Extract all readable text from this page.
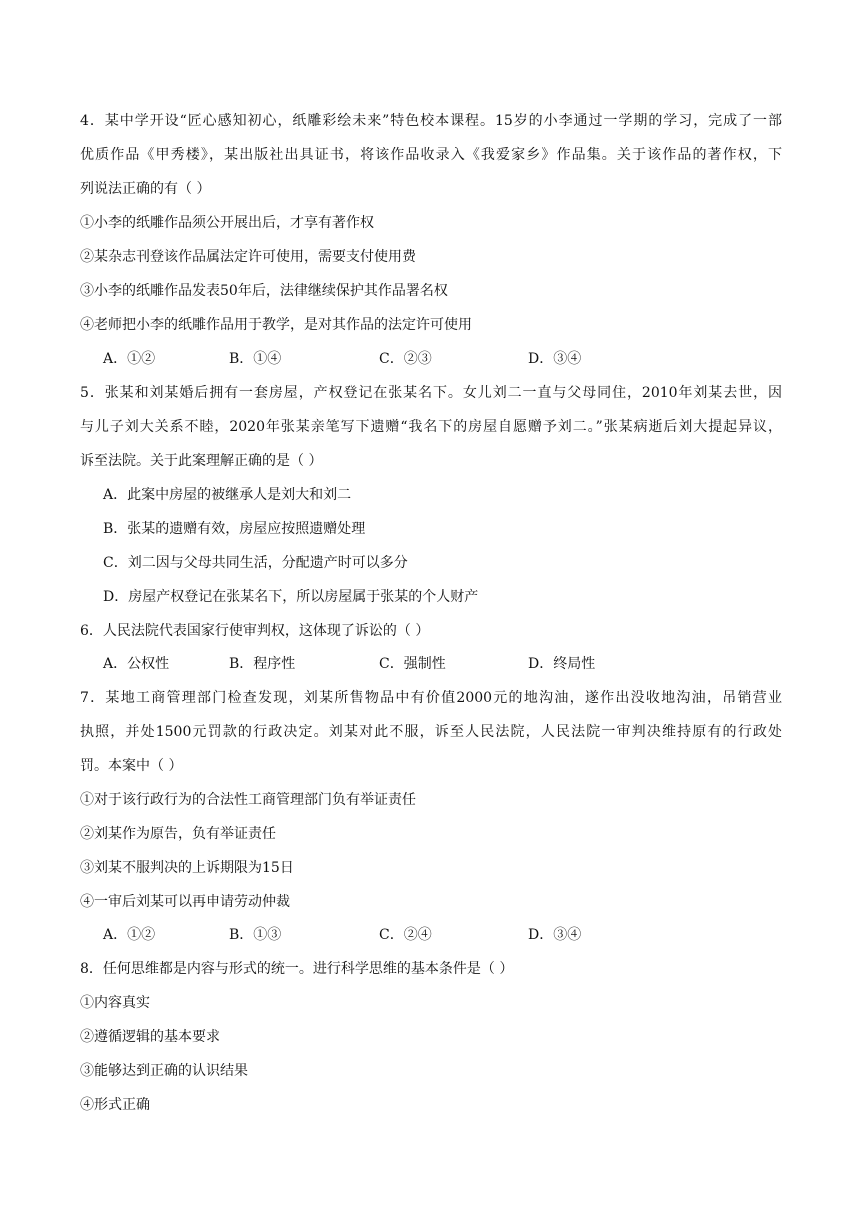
4．某中学开设“匠心感知初心，纸雕彩绘未来”特色校本课程。15岁的小李通过一学期的学习，完成了一部
优质作品《甲秀楼》，某出版社出具证书，将该作品收录入《我爱家乡》作品集。关于该作品的著作权，下
列说法正确的有（ ）
①小李的纸雕作品须公开展出后，才享有著作权
②某杂志刊登该作品属法定许可使用，需要支付使用费
③小李的纸雕作品发表50年后，法律继续保护其作品署名权
④老师把小李的纸雕作品用于教学，是对其作品的法定许可使用
A．①②	B．①④	C．②③	D．③④
5．张某和刘某婚后拥有一套房屋，产权登记在张某名下。女儿刘二一直与父母同住，2010年刘某去世，因
与儿子刘大关系不睦，2020年张某亲笔写下遗赠“我名下的房屋自愿赠予刘二。”张某病逝后刘大提起异议，
诉至法院。关于此案理解正确的是（ ）
A．此案中房屋的被继承人是刘大和刘二
B．张某的遗赠有效，房屋应按照遗赠处理
C．刘二因与父母共同生活，分配遗产时可以多分
D．房屋产权登记在张某名下，所以房屋属于张某的个人财产
6．人民法院代表国家行使审判权，这体现了诉讼的（ ）
A．公权性	B．程序性	C．强制性	D．终局性
7．某地工商管理部门检查发现，刘某所售物品中有价值2000元的地沟油，遂作出没收地沟油，吊销营业
执照，并处1500元罚款的行政决定。刘某对此不服，诉至人民法院，人民法院一审判决维持原有的行政处
罚。本案中（ ）
①对于该行政行为的合法性工商管理部门负有举证责任
②刘某作为原告，负有举证责任
③刘某不服判决的上诉期限为15日
④一审后刘某可以再申请劳动仲裁
A．①②	B．①③	C．②④	D．③④
8．任何思维都是内容与形式的统一。进行科学思维的基本条件是（ ）
①内容真实
②遵循逻辑的基本要求
③能够达到正确的认识结果
④形式正确
